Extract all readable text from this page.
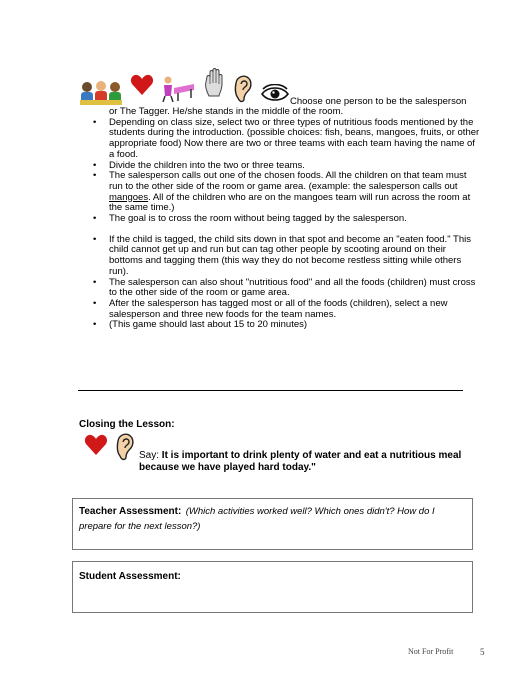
Choose one person to be the salesperson
or The Tagger. He/she stands in the middle of the room.
• Depending on class size, select two or three types of nutritious foods mentioned by the students during the introduction. (possible choices: fish, beans, mangoes, fruits, or other appropriate food) Now there are two or three teams with each team having the name of a food.
• Divide the children into the two or three teams.
• The salesperson calls out one of the chosen foods. All the children on that team must run to the other side of the room or game area. (example: the salesperson calls out mangoes. All of the children who are on the mangoes team will run across the room at the same time.)
• The goal is to cross the room without being tagged by the salesperson.
• If the child is tagged, the child sits down in that spot and become an "eaten food." This child cannot get up and run but can tag other people by scooting around on their bottoms and tagging them (this way they do not become restless sitting while others run).
• The salesperson can also shout "nutritious food" and all the foods (children) must cross to the other side of the room or game area.
• After the salesperson has tagged most or all of the foods (children), select a new salesperson and three new foods for the team names.
• (This game should last about 15 to 20 minutes)
Closing the Lesson:
Say: It is important to drink plenty of water and eat a nutritious meal because we have played hard today."
Teacher Assessment: (Which activities worked well? Which ones didn't? How do I prepare for the next lesson?)
Student Assessment:
Not For Profit	5
